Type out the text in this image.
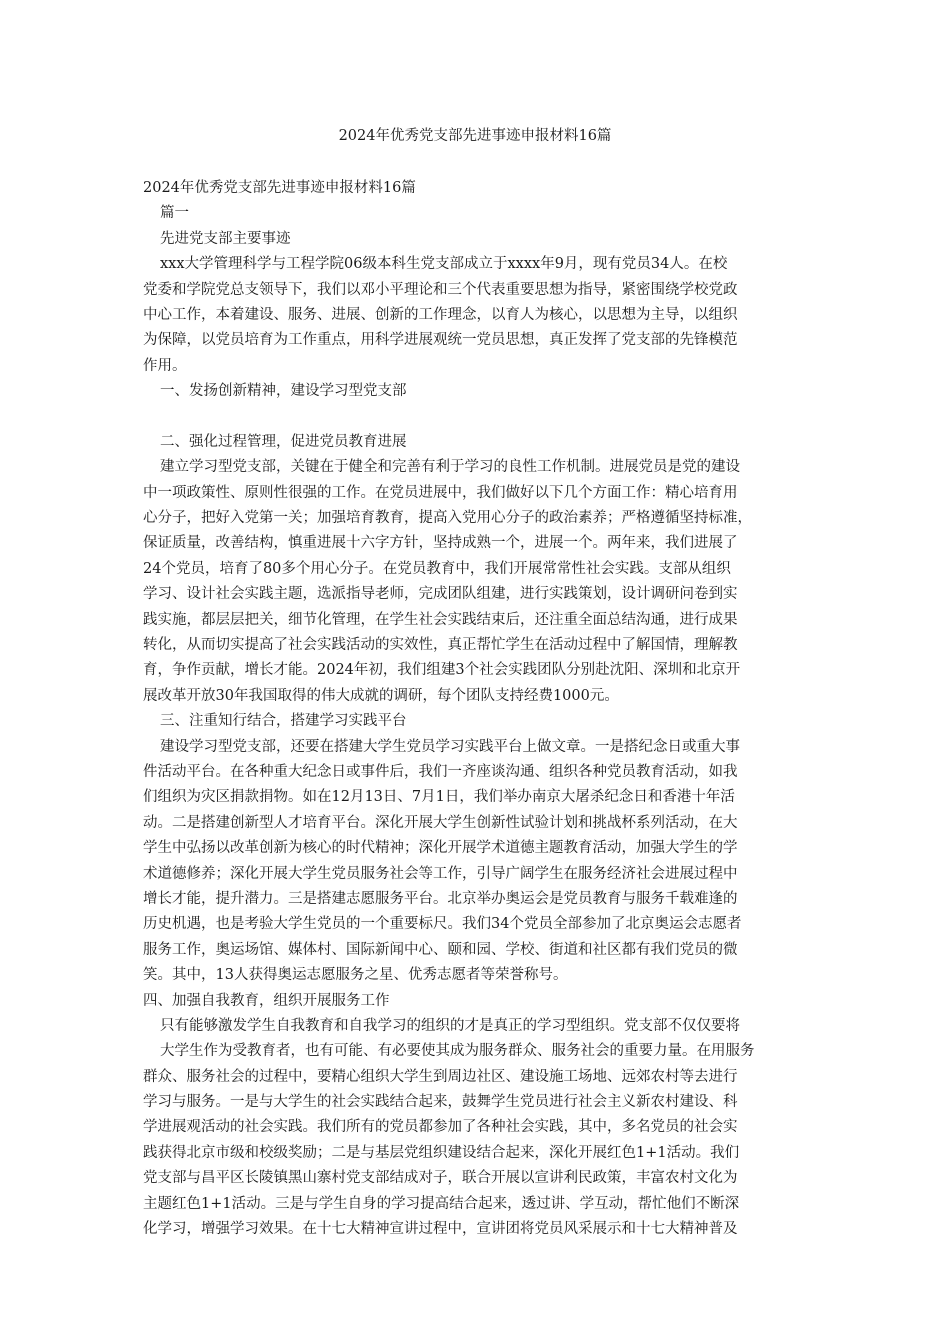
2024年优秀党支部先进事迹申报材料16篇

2024年优秀党支部先进事迹申报材料16篇

篇一

先进党支部主要事迹

xxx大学管理科学与工程学院06级本科生党支部成立于xxxx年9月，现有党员34人。在校

党委和学院党总支领导下，我们以邓小平理论和三个代表重要思想为指导，紧密围绕学校党政

中心工作，本着建设、服务、进展、创新的工作理念，以育人为核心，以思想为主导，以组织

为保障，以党员培育为工作重点，用科学进展观统一党员思想，真正发挥了党支部的先锋模范

作用。

一、发扬创新精神，建设学习型党支部

二、强化过程管理，促进党员教育进展

建立学习型党支部，关键在于健全和完善有利于学习的良性工作机制。进展党员是党的建设

中一项政策性、原则性很强的工作。在党员进展中，我们做好以下几个方面工作：精心培育用

心分子，把好入党第一关；加强培育教育，提高入党用心分子的政治素养；严格遵循坚持标准，

保证质量，改善结构，慎重进展十六字方针，坚持成熟一个，进展一个。两年来，我们进展了

24个党员，培育了80多个用心分子。在党员教育中，我们开展常常性社会实践。支部从组织

学习、设计社会实践主题，选派指导老师，完成团队组建，进行实践策划，设计调研问卷到实

践实施，都层层把关，细节化管理，在学生社会实践结束后，还注重全面总结沟通，进行成果

转化，从而切实提高了社会实践活动的实效性，真正帮忙学生在活动过程中了解国情，理解教

育，争作贡献，增长才能。2024年初，我们组建3个社会实践团队分别赴沈阳、深圳和北京开

展改革开放30年我国取得的伟大成就的调研，每个团队支持经费1000元。

三、注重知行结合，搭建学习实践平台

建设学习型党支部，还要在搭建大学生党员学习实践平台上做文章。一是搭纪念日或重大事

件活动平台。在各种重大纪念日或事件后，我们一齐座谈沟通、组织各种党员教育活动，如我

们组织为灾区捐款捐物。如在12月13日、7月1日，我们举办南京大屠杀纪念日和香港十年活

动。二是搭建创新型人才培育平台。深化开展大学生创新性试验计划和挑战杯系列活动，在大

学生中弘扬以改革创新为核心的时代精神；深化开展学术道德主题教育活动，加强大学生的学

术道德修养；深化开展大学生党员服务社会等工作，引导广阔学生在服务经济社会进展过程中

增长才能，提升潜力。三是搭建志愿服务平台。北京举办奥运会是党员教育与服务千载难逢的

历史机遇，也是考验大学生党员的一个重要标尺。我们34个党员全部参加了北京奥运会志愿者

服务工作，奥运场馆、媒体村、国际新闻中心、颐和园、学校、街道和社区都有我们党员的微

笑。其中，13人获得奥运志愿服务之星、优秀志愿者等荣誉称号。

四、加强自我教育，组织开展服务工作

只有能够激发学生自我教育和自我学习的组织的才是真正的学习型组织。党支部不仅仅要将

大学生作为受教育者，也有可能、有必要使其成为服务群众、服务社会的重要力量。在用服务

群众、服务社会的过程中，要精心组织大学生到周边社区、建设施工场地、远郊农村等去进行

学习与服务。一是与大学生的社会实践结合起来，鼓舞学生党员进行社会主义新农村建设、科

学进展观活动的社会实践。我们所有的党员都参加了各种社会实践，其中，多名党员的社会实

践获得北京市级和校级奖励；二是与基层党组织建设结合起来，深化开展红色1+1活动。我们

党支部与昌平区长陵镇黑山寨村党支部结成对子，联合开展以宣讲利民政策，丰富农村文化为

主题红色1+1活动。三是与学生自身的学习提高结合起来，透过讲、学互动，帮忙他们不断深

化学习，增强学习效果。在十七大精神宣讲过程中，宣讲团将党员风采展示和十七大精神普及
